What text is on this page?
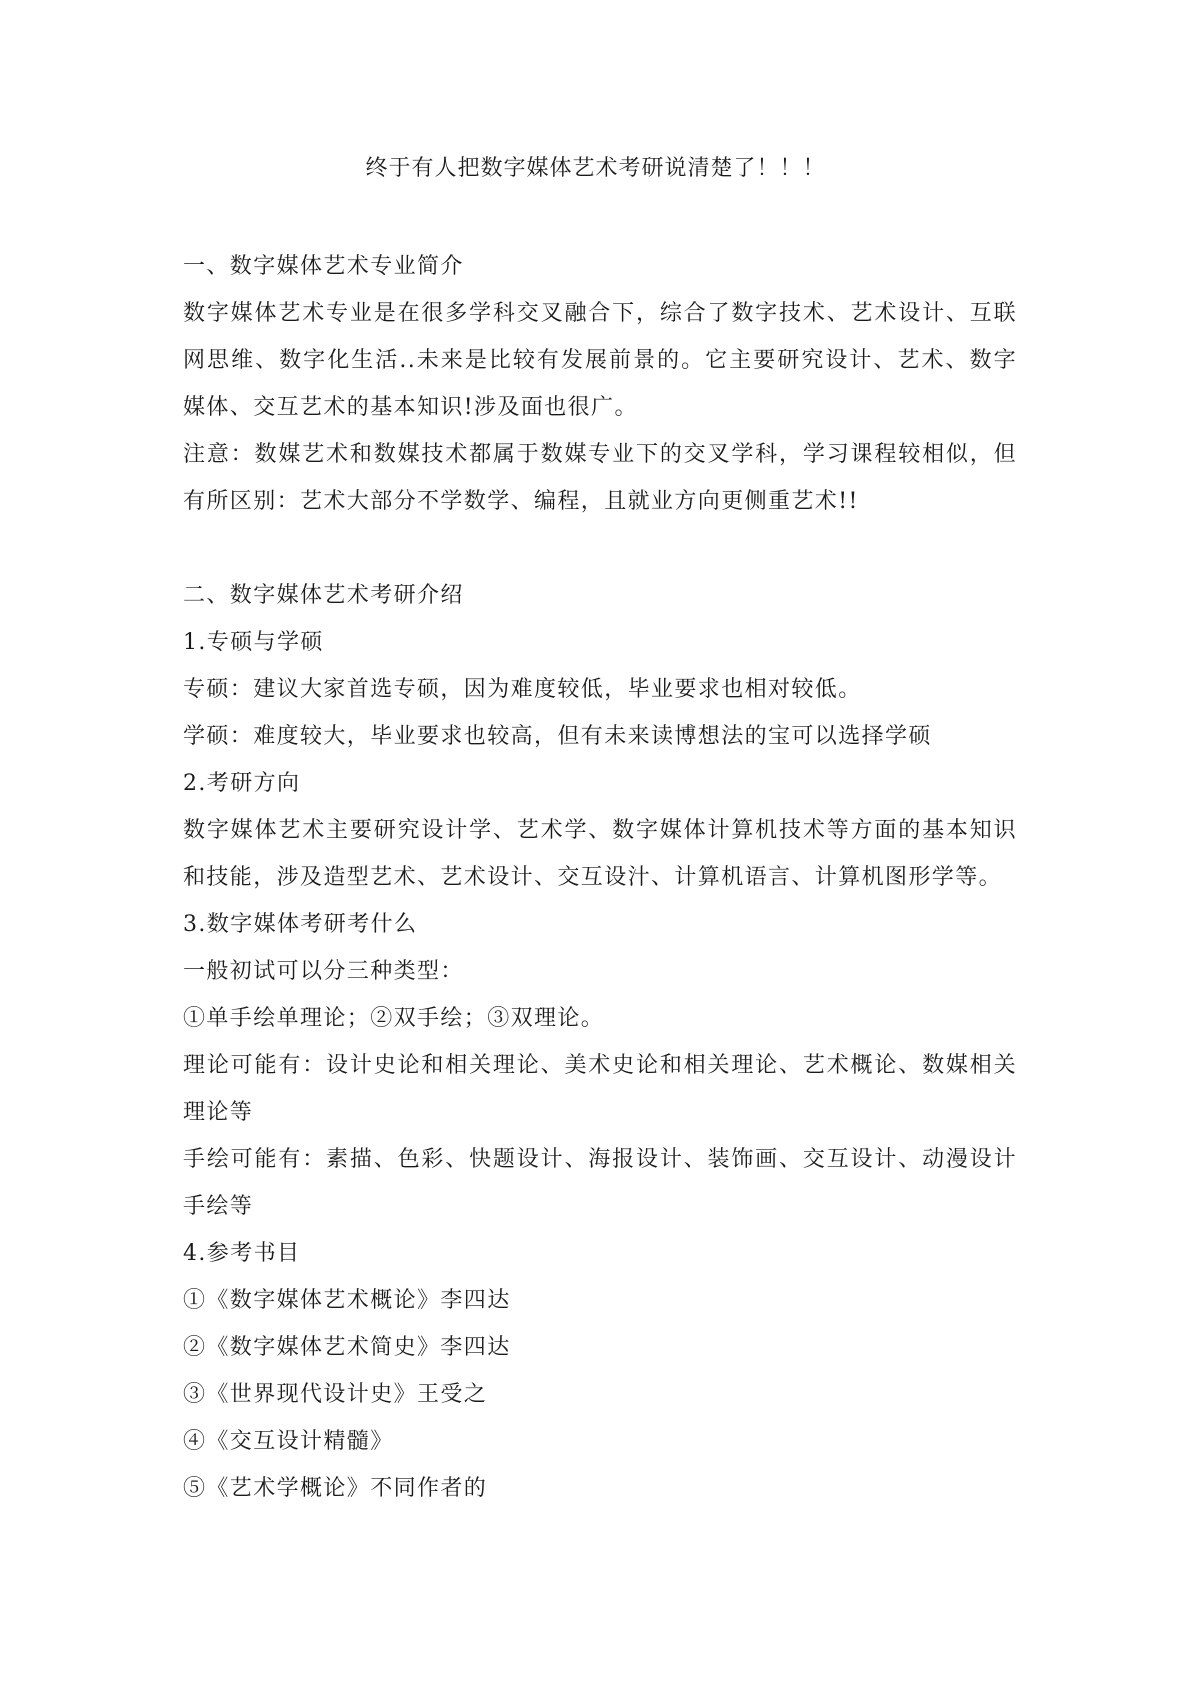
终于有人把数字媒体艺术考研说清楚了！！！

一、数字媒体艺术专业简介

数字媒体艺术专业是在很多学科交叉融合下，综合了数字技术、艺术设计、互联网思维、数字化生活..未来是比较有发展前景的。它主要研究设计、艺术、数字媒体、交互艺术的基本知识!涉及面也很广。

注意：数媒艺术和数媒技术都属于数媒专业下的交叉学科，学习课程较相似，但有所区别：艺术大部分不学数学、编程，且就业方向更侧重艺术!!

二、数字媒体艺术考研介绍

1.专硕与学硕

专硕：建议大家首选专硕，因为难度较低，毕业要求也相对较低。

学硕：难度较大，毕业要求也较高，但有未来读博想法的宝可以选择学硕

2.考研方向

数字媒体艺术主要研究设计学、艺术学、数字媒体计算机技术等方面的基本知识和技能，涉及造型艺术、艺术设计、交互设汁、计算机语言、计算机图形学等。

3.数字媒体考研考什么

一般初试可以分三种类型：

①单手绘单理论；②双手绘；③双理论。

理论可能有：设计史论和相关理论、美术史论和相关理论、艺术概论、数媒相关理论等

手绘可能有：素描、色彩、快题设计、海报设计、装饰画、交互设计、动漫设计手绘等

4.参考书目

①《数字媒体艺术概论》李四达

②《数字媒体艺术简史》李四达

③《世界现代设计史》王受之

④《交互设计精髓》

⑤《艺术学概论》不同作者的
